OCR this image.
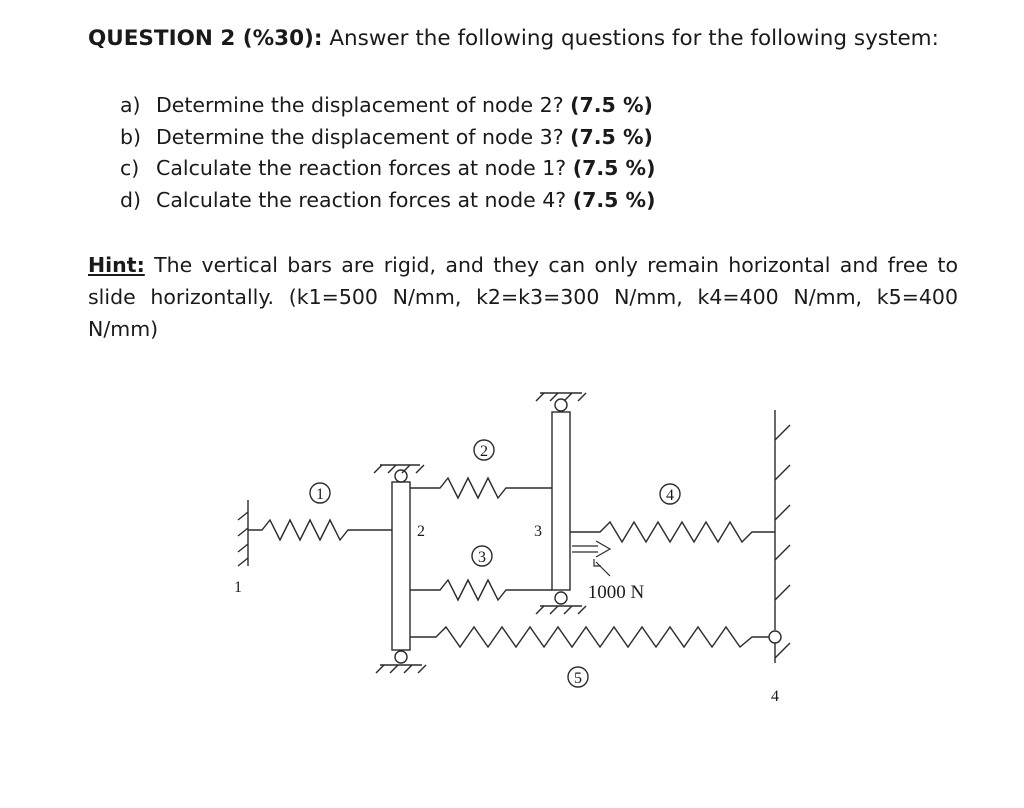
QUESTION 2 (%30): Answer the following questions for the following system:
a) Determine the displacement of node 2? (7.5 %)
b) Determine the displacement of node 3? (7.5 %)
c) Calculate the reaction forces at node 1? (7.5 %)
d) Calculate the reaction forces at node 4? (7.5 %)
Hint: The vertical bars are rigid, and they can only remain horizontal and free to slide horizontally. (k1=500 N/mm, k2=k3=300 N/mm, k4=400 N/mm, k5=400 N/mm)
1
2
3
4
5
1
2	3
4
1000 N
